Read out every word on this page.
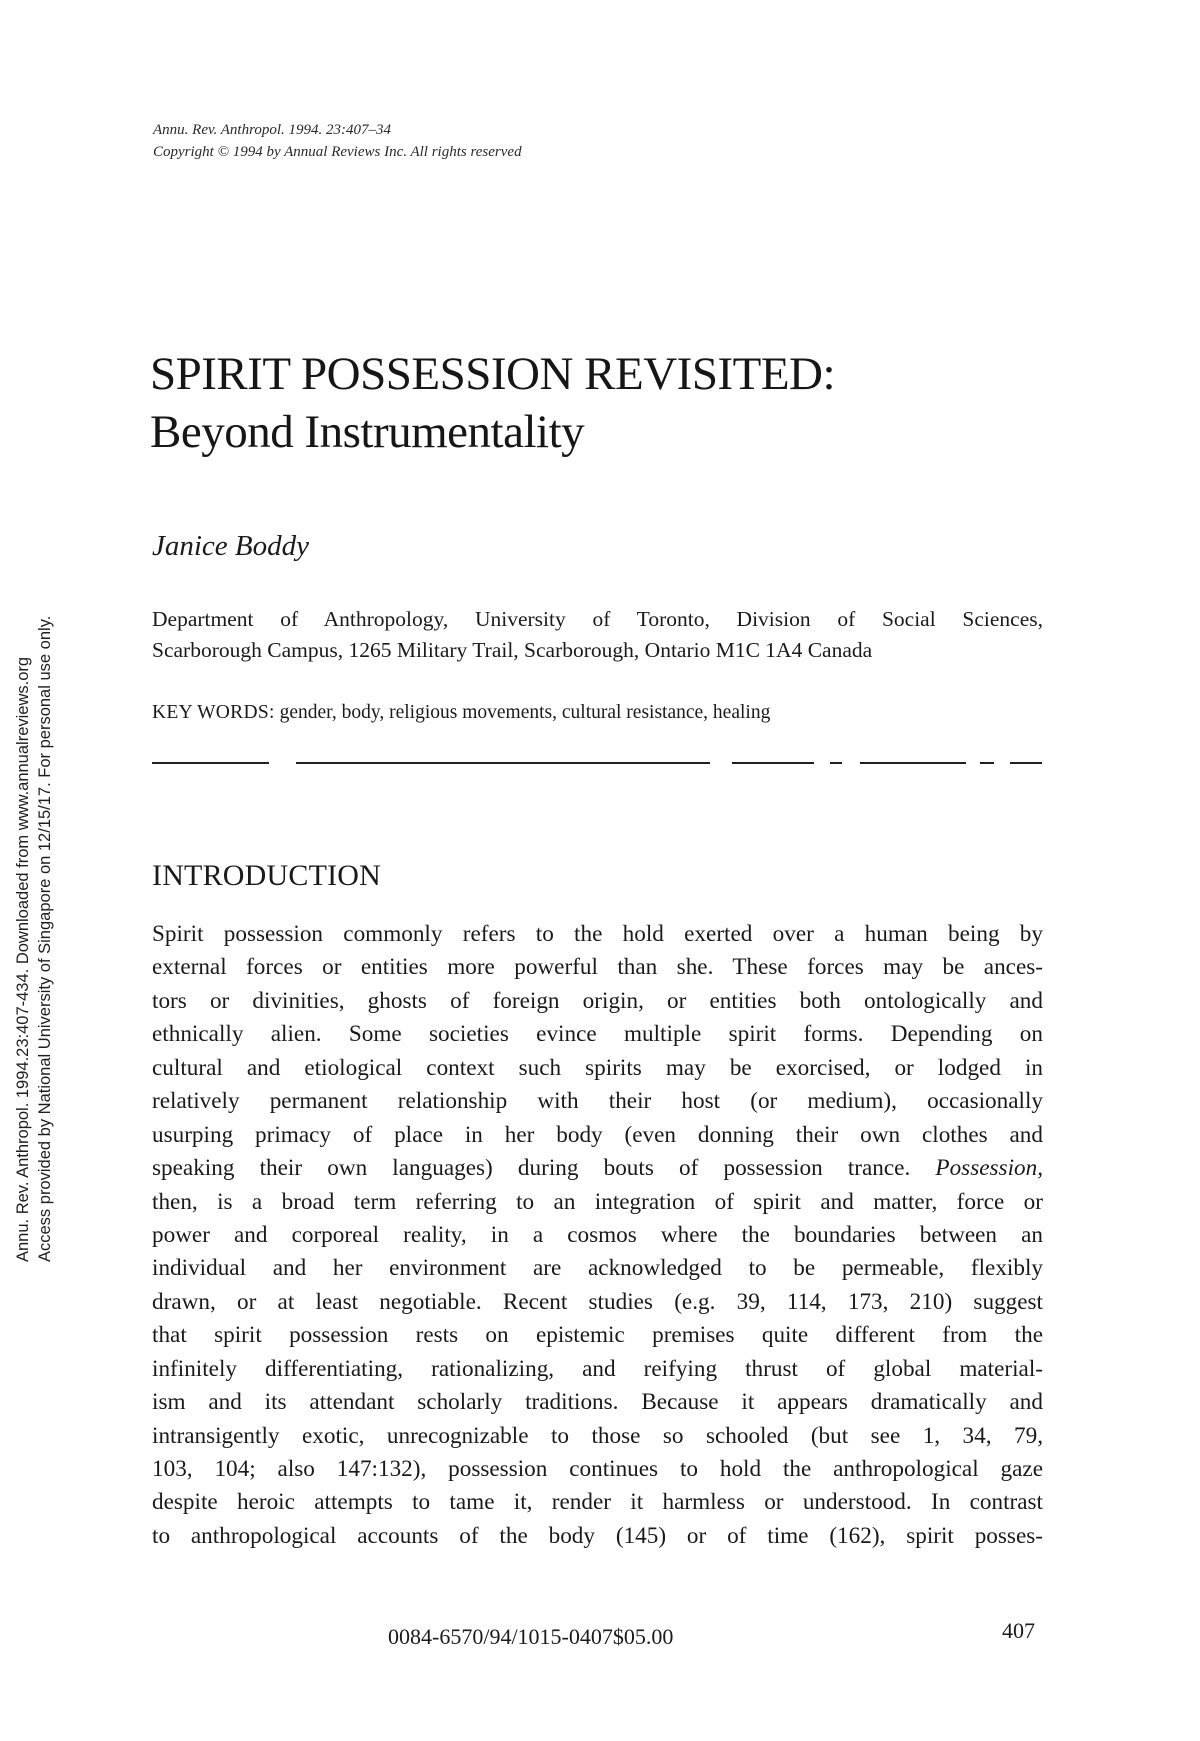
Annu. Rev. Anthropol. 1994. 23:407–34
Copyright © 1994 by Annual Reviews Inc. All rights reserved
SPIRIT POSSESSION REVISITED:
Beyond Instrumentality
Janice Boddy
Department of Anthropology, University of Toronto, Division of Social Sciences,
Scarborough Campus, 1265 Military Trail, Scarborough, Ontario M1C 1A4 Canada
KEY WORDS: gender, body, religious movements, cultural resistance, healing
INTRODUCTION
Spirit possession commonly refers to the hold exerted over a human being by
external forces or entities more powerful than she. These forces may be ances-
tors or divinities, ghosts of foreign origin, or entities both ontologically and
ethnically alien. Some societies evince multiple spirit forms. Depending on
cultural and etiological context such spirits may be exorcised, or lodged in
relatively permanent relationship with their host (or medium), occasionally
usurping primacy of place in her body (even donning their own clothes and
speaking their own languages) during bouts of possession trance. Possession,
then, is a broad term referring to an integration of spirit and matter, force or
power and corporeal reality, in a cosmos where the boundaries between an
individual and her environment are acknowledged to be permeable, flexibly
drawn, or at least negotiable. Recent studies (e.g. 39, 114, 173, 210) suggest
that spirit possession rests on epistemic premises quite different from the
infinitely differentiating, rationalizing, and reifying thrust of global material-
ism and its attendant scholarly traditions. Because it appears dramatically and
intransigently exotic, unrecognizable to those so schooled (but see 1, 34, 79,
103, 104; also 147:132), possession continues to hold the anthropological gaze
despite heroic attempts to tame it, render it harmless or understood. In contrast
to anthropological accounts of the body (145) or of time (162), spirit posses-
0084-6570/94/1015-0407$05.00	407
Annu. Rev. Anthropol. 1994.23:407-434. Downloaded from www.annualreviews.org Access provided by National University of Singapore on 12/15/17. For personal use only.
